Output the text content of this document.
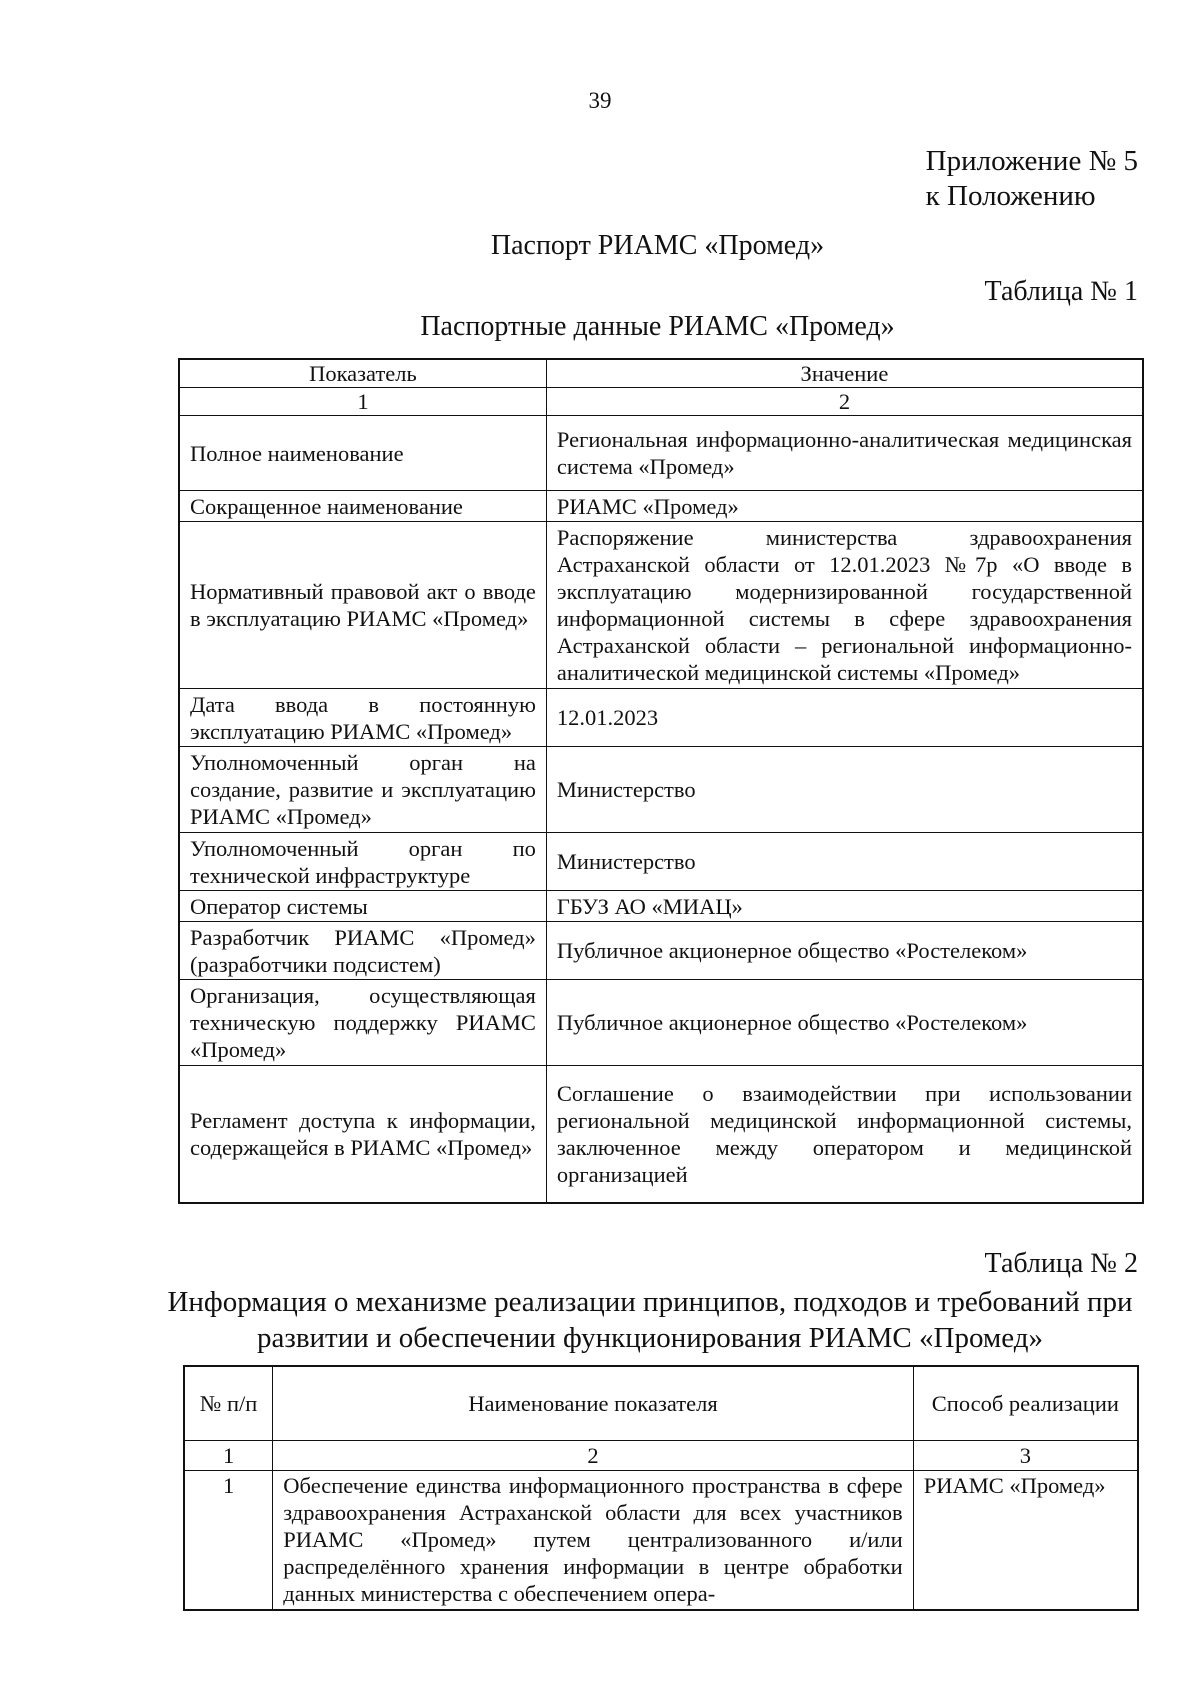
39
Приложение № 5
к Положению
Паспорт РИАМС «Промед»
Таблица № 1
Паспортные данные РИАМС «Промед»
Показатель	Значение
1	2
Полное наименование	Региональная информационно-аналитическая медицинская система «Промед»
Сокращенное наименование	РИАМС «Промед»
Нормативный правовой акт о вводе в эксплуатацию РИАМС «Промед»	Распоряжение министерства здравоохранения Астраханской области от 12.01.2023 №7р «О вводе в эксплуатацию модернизированной государственной информационной системы в сфере здравоохранения Астраханской области – региональной информационно-аналитической медицинской системы «Промед»
Дата ввода в постоянную эксплуатацию РИАМС «Промед»	12.01.2023
Уполномоченный орган на создание, развитие и эксплуатацию РИАМС «Промед»	Министерство
Уполномоченный орган по технической инфраструктуре	Министерство
Оператор системы	ГБУЗ АО «МИАЦ»
Разработчик РИАМС «Промед» (разработчики подсистем)	Публичное акционерное общество «Ростелеком»
Организация, осуществляющая техническую поддержку РИАМС «Промед»	Публичное акционерное общество «Ростелеком»
Регламент доступа к информации, содержащейся в РИАМС «Промед»	Соглашение о взаимодействии при использовании региональной медицинской информационной системы, заключенное между оператором и медицинской организацией
Таблица № 2
Информация о механизме реализации принципов, подходов и требований при
развитии и обеспечении функционирования РИАМС «Промед»
№ п/п	Наименование показателя	Способ реализации
1	2	3
1	Обеспечение единства информационного пространства в сфере здравоохранения Астраханской области для всех участников РИАМС «Промед» путем централизованного и/или распределённого хранения информации в центре обработки данных министерства с обеспечением опера-	РИАМС «Промед»
